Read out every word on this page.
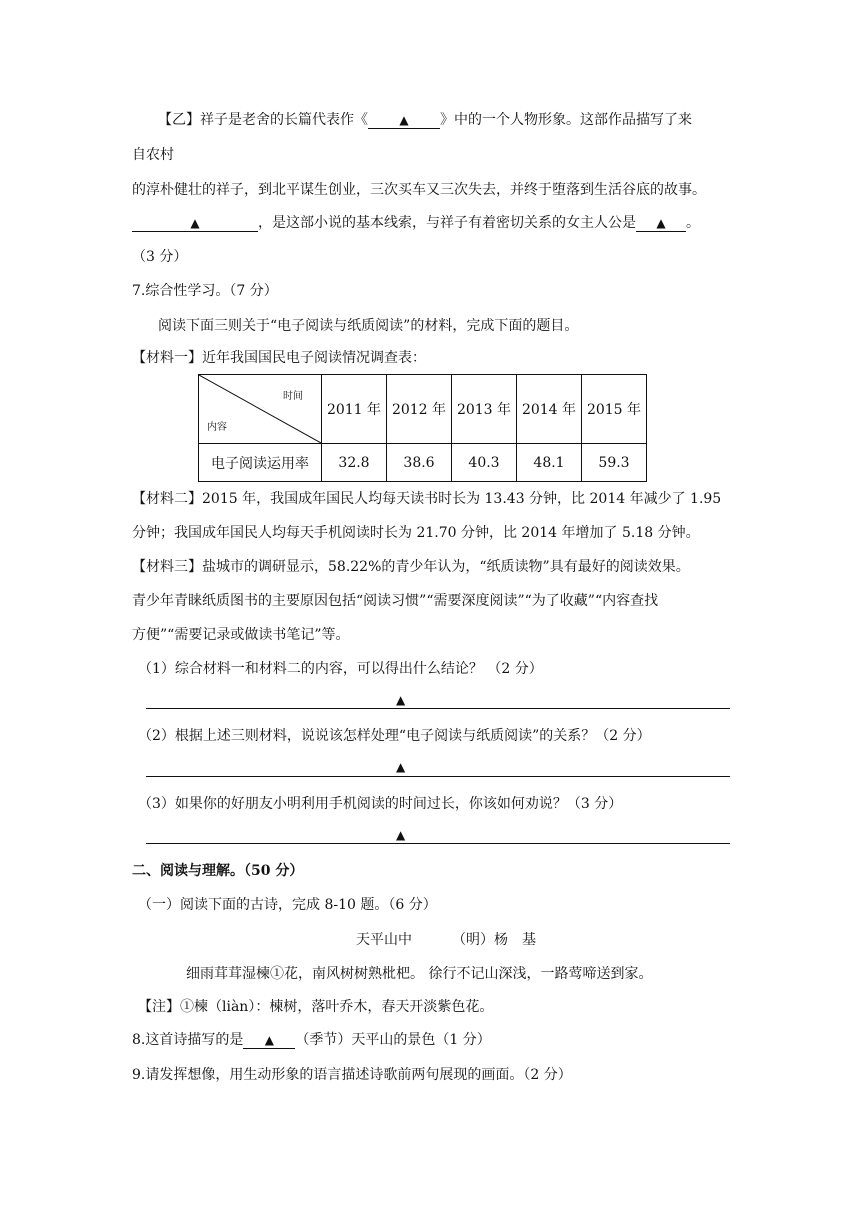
【乙】祥子是老舍的长篇代表作《	▲ 》中的一个人物形象。这部作品描写了来
自农村
的淳朴健壮的祥子，到北平谋生创业，三次买车又三次失去，并终于堕落到生活谷底的故事。
▲	，是这部小说的基本线索，与祥子有着密切关系的女主人公是 ▲ 。
（3 分）
7.综合性学习。（7 分）
阅读下面三则关于“电子阅读与纸质阅读”的材料，完成下面的题目。
【材料一】近年我国国民电子阅读情况调查表：
时间
内容	2011 年	2012 年	2013 年	2014 年	2015 年
电子阅读运用率	32.8	38.6	40.3	48.1	59.3
【材料二】2015 年，我国成年国民人均每天读书时长为 13.43 分钟，比 2014 年减少了 1.95
分钟；我国成年国民人均每天手机阅读时长为 21.70 分钟，比 2014 年增加了 5.18 分钟。
【材料三】盐城市的调研显示，58.22%的青少年认为，“纸质读物”具有最好的阅读效果。
青少年青睐纸质图书的主要原因包括“阅读习惯”“需要深度阅读”“为了收藏”“内容查找
方便”“需要记录或做读书笔记”等。
（1）综合材料一和材料二的内容，可以得出什么结论？ （2 分）
▲
（2）根据上述三则材料，说说该怎样处理“电子阅读与纸质阅读”的关系？（2 分）
▲
（3）如果你的好朋友小明利用手机阅读的时间过长，你该如何劝说？（3 分）
▲
二、阅读与理解。（50 分）
（一）阅读下面的古诗，完成 8-10 题。（6 分）
天平山中	（明）杨　基
细雨茸茸湿楝①花，南风树树熟枇杷。 徐行不记山深浅，一路莺啼送到家。
【注】①楝（liàn）：楝树，落叶乔木，春天开淡紫色花。
8.这首诗描写的是 ▲ （季节）天平山的景色（1 分）
9.请发挥想像，用生动形象的语言描述诗歌前两句展现的画面。（2 分）
